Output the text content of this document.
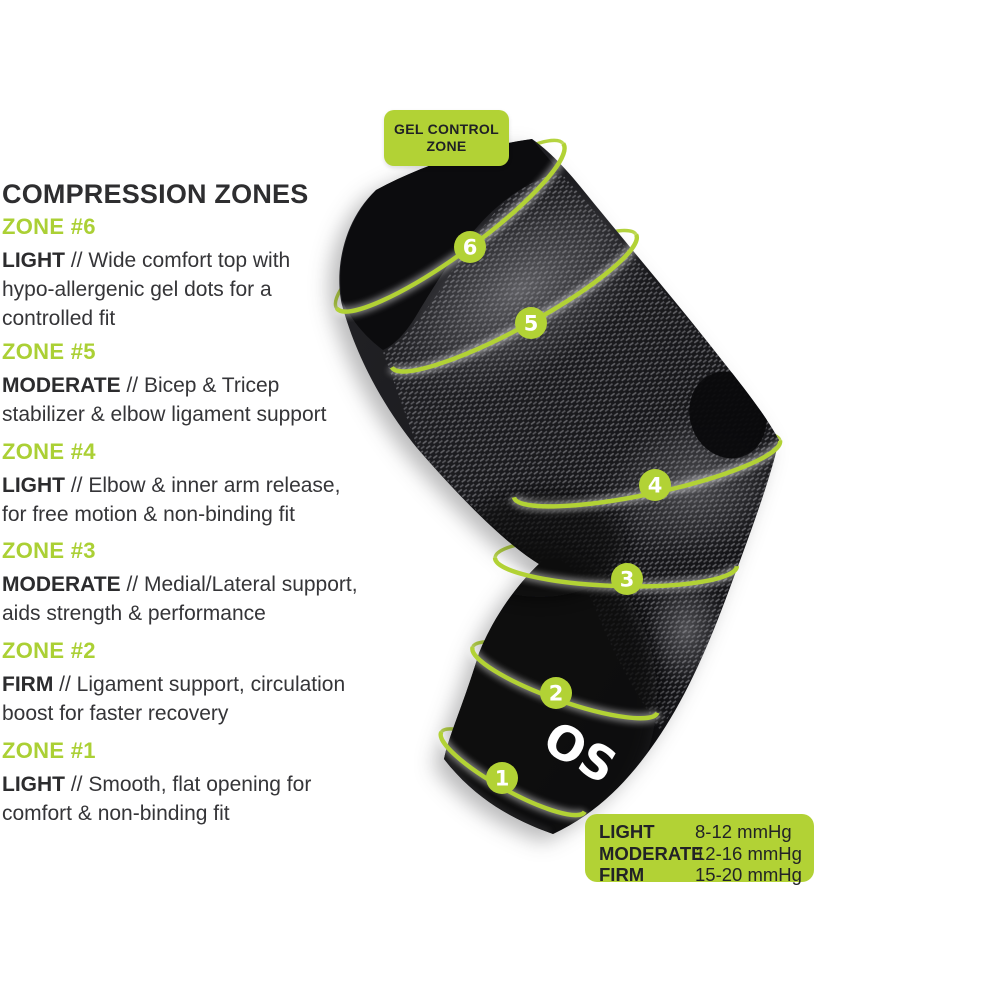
OS
6
5
4
3
2
1
COMPRESSION ZONES
ZONE #6
LIGHT // Wide comfort top with
hypo-allergenic gel dots for a
controlled fit
ZONE #5
MODERATE // Bicep & Tricep
stabilizer & elbow ligament support
ZONE #4
LIGHT // Elbow & inner arm release,
for free motion & non-binding fit
ZONE #3
MODERATE // Medial/Lateral support,
aids strength & performance
ZONE #2
FIRM // Ligament support, circulation
boost for faster recovery
ZONE #1
LIGHT // Smooth, flat opening for
comfort & non-binding fit
GEL CONTROL
ZONE
LIGHT	8-12 mmHg
MODERATE
12-16 mmHg
FIRM	15-20 mmHg
